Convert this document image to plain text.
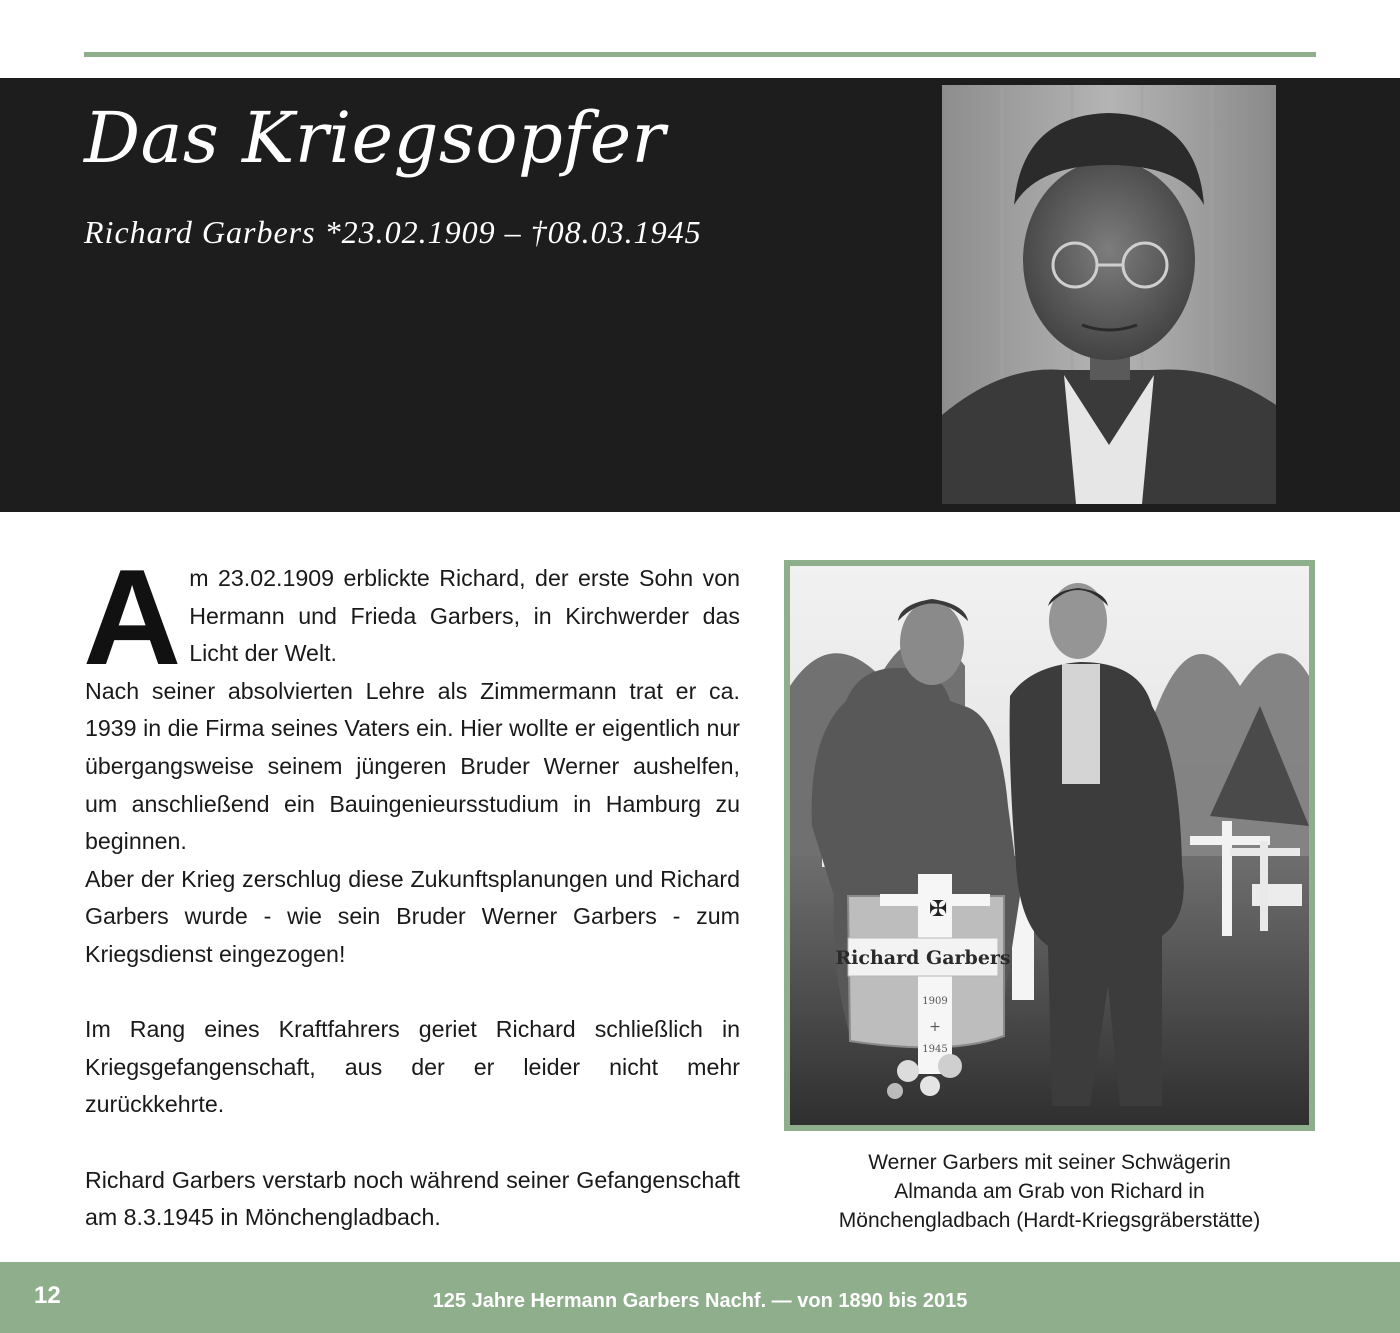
Das Kriegsopfer
Richard Garbers *23.02.1909 – †08.03.1945

Am 23.02.1909 erblickte Richard, der erste Sohn von Hermann und Frieda Garbers, in Kirchwerder das Licht der Welt.

Nach seiner absolvierten Lehre als Zimmermann trat er ca. 1939 in die Firma seines Vaters ein. Hier wollte er eigentlich nur übergangsweise seinem jüngeren Bruder Werner aushelfen, um anschließend ein Bauingenieursstudium in Hamburg zu beginnen.

Aber der Krieg zerschlug diese Zukunftsplanungen und Richard Garbers wurde - wie sein Bruder Werner Garbers - zum Kriegsdienst eingezogen!

Im Rang eines Kraftfahrers geriet Richard schließlich in Kriegsgefangenschaft, aus der er leider nicht mehr zurückkehrte.

Richard Garbers verstarb noch während seiner Gefangenschaft am 8.3.1945 in Mönchengladbach.

✠
Richard Garbers
1909
+
1945
Werner Garbers mit seiner Schwägerin
Almanda am Grab von Richard in
Mönchengladbach (Hardt-Kriegsgräberstätte)
12	125 Jahre Hermann Garbers Nachf. — von 1890 bis 2015
